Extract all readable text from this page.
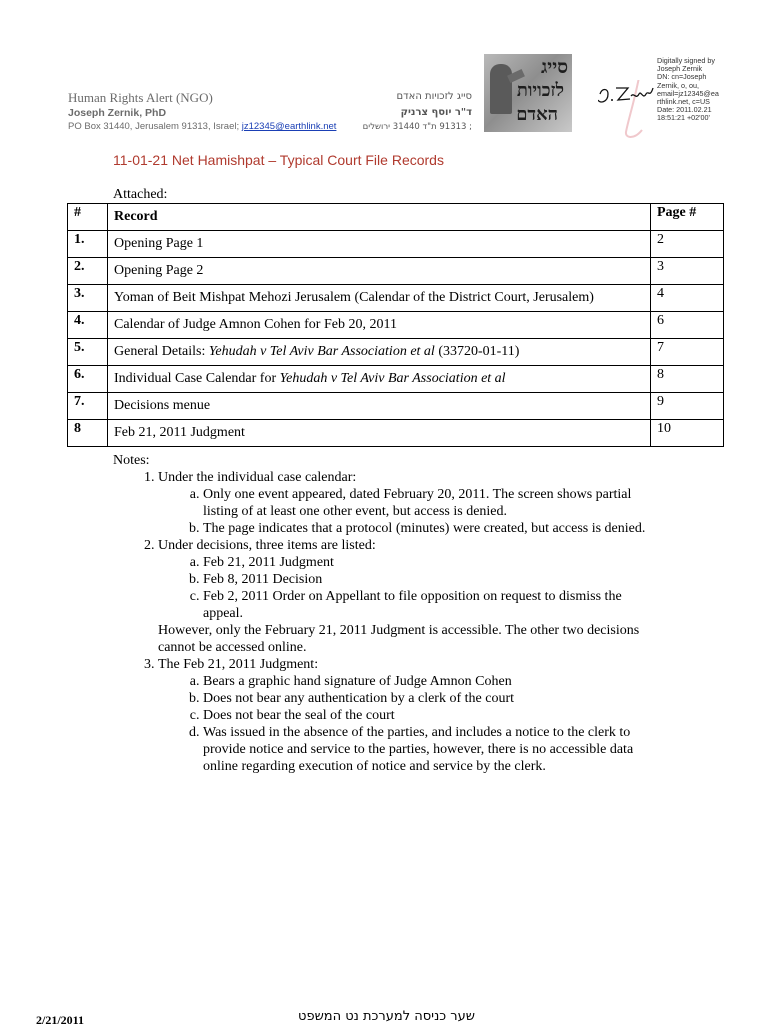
Human Rights Alert (NGO)
Joseph Zernik, PhD
PO Box 31440, Jerusalem 91313, Israel; jz12345@earthlink.net
סייג לזכויות האדם
ד"ר יוסף צרניק
; 91313 ת"ד 31440 ירושלים
סייג
לזכויות
האדם
Digitally signed by
Joseph Zernik
DN: cn=Joseph
Zernik, o, ou,
email=jz12345@ea
rthlink.net, c=US
Date: 2011.02.21
18:51:21 +02'00'
11-01-21 Net Hamishpat – Typical Court File Records
Attached:
#	Record	Page #
1.	Opening Page 1	2
2.	Opening Page 2	3
3.	Yoman of Beit Mishpat Mehozi Jerusalem (Calendar of the District Court, Jerusalem)	4
4.	Calendar of Judge Amnon Cohen for Feb 20, 2011	6
5.	General Details: Yehudah v Tel Aviv Bar Association et al (33720-01-11)	7
6.	Individual Case Calendar for Yehudah v Tel Aviv Bar Association et al	8
7.	Decisions menue	9
8	Feb 21, 2011 Judgment	10
Notes:
1. Under the individual case calendar:
a. Only one event appeared, dated February 20, 2011. The screen shows partial listing of at least one other event, but access is denied.
b. The page indicates that a protocol (minutes) were created, but access is denied.
2. Under decisions, three items are listed:
a. Feb 21, 2011 Judgment
b. Feb 8, 2011 Decision
c. Feb 2, 2011 Order on Appellant to file opposition on request to dismiss the appeal.
However, only the February 21, 2011 Judgment is accessible. The other two decisions cannot be accessed online.
3. The Feb 21, 2011 Judgment:
a. Bears a graphic hand signature of Judge Amnon Cohen
b. Does not bear any authentication by a clerk of the court
c. Does not bear the seal of the court
d. Was issued in the absence of the parties, and includes a notice to the clerk to provide notice and service to the parties, however, there is no accessible data online regarding execution of notice and service by the clerk.
2/21/2011	שער כניסה למערכת נט המשפט
